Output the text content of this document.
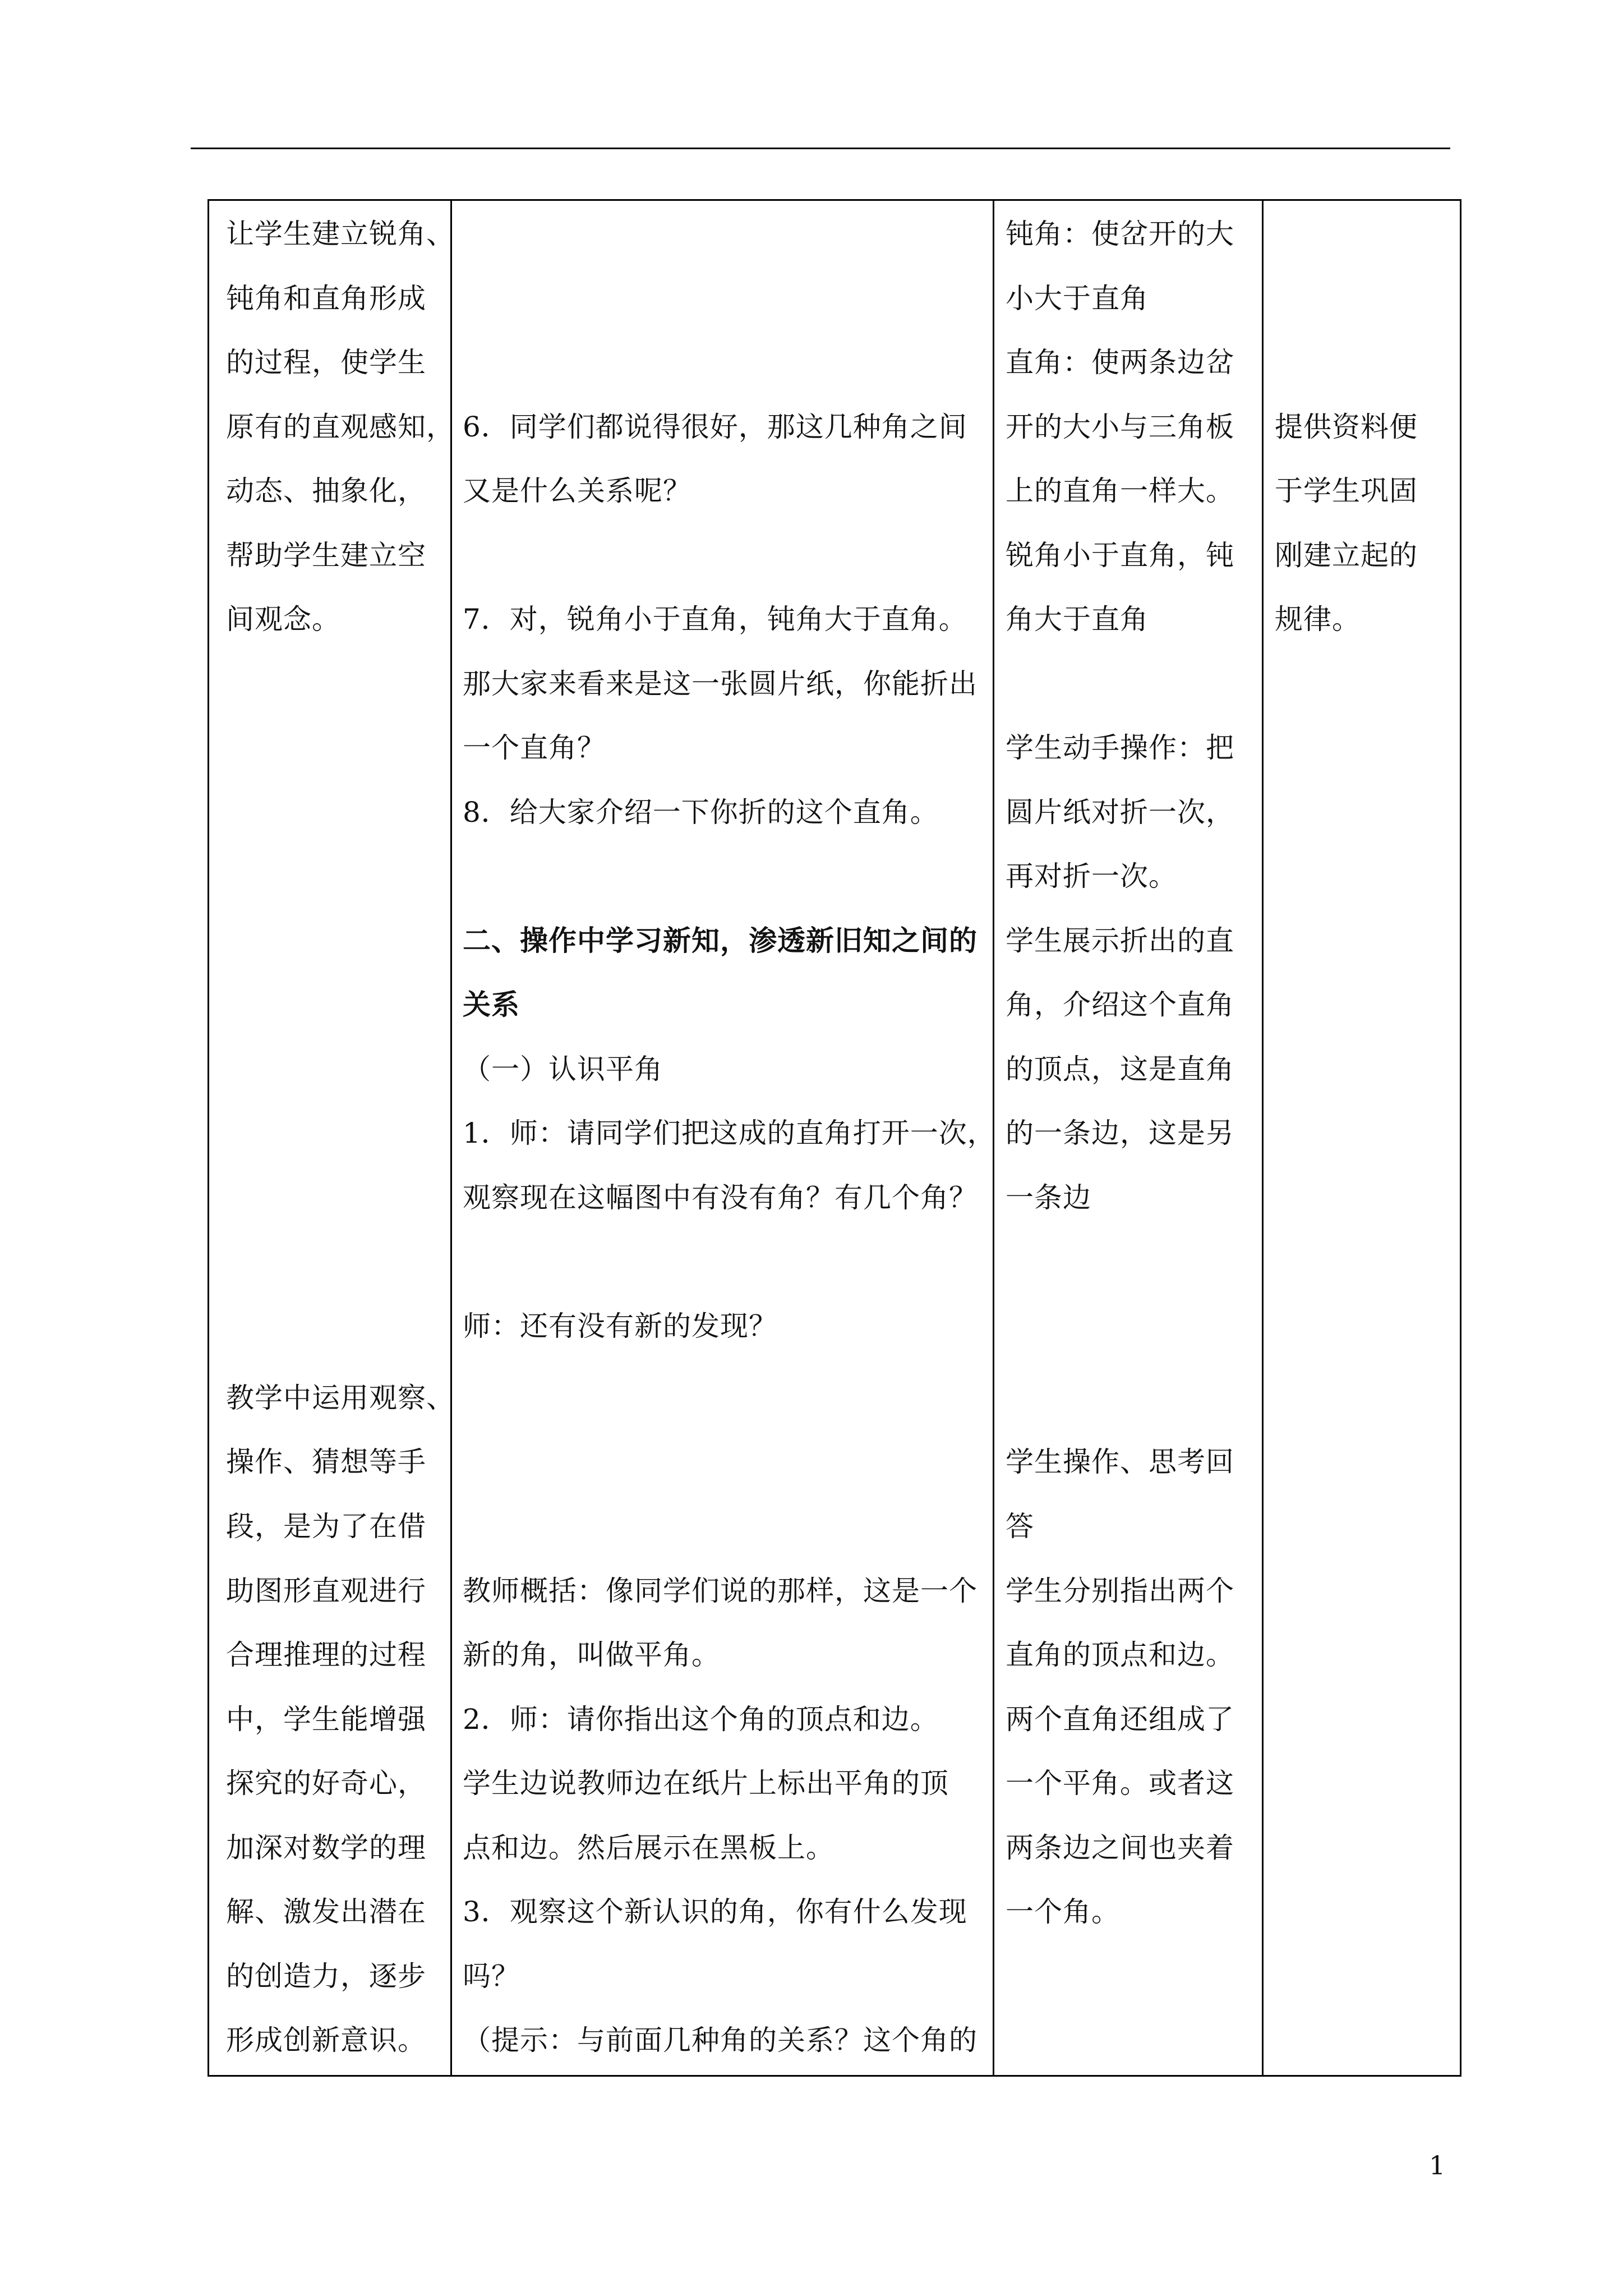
让学生建立锐角、
钝角和直角形成
的过程，使学生
原有的直观感知，
动态、抽象化，
帮助学生建立空
间观念。
教学中运用观察、
操作、猜想等手
段，是为了在借
助图形直观进行
合理推理的过程
中，学生能增强
探究的好奇心，
加深对数学的理
解、激发出潜在
的创造力，逐步
形成创新意识。
6．同学们都说得很好，那这几种角之间
又是什么关系呢？
7．对，锐角小于直角，钝角大于直角。
那大家来看来是这一张圆片纸，你能折出
一个直角？
8．给大家介绍一下你折的这个直角。
二、操作中学习新知，渗透新旧知之间的
关系
（一）认识平角
1．师：请同学们把这成的直角打开一次，
观察现在这幅图中有没有角？有几个角？
师：还有没有新的发现？
教师概括：像同学们说的那样，这是一个
新的角，叫做平角。
2．师：请你指出这个角的顶点和边。
学生边说教师边在纸片上标出平角的顶
点和边。然后展示在黑板上。
3．观察这个新认识的角，你有什么发现
吗？
（提示：与前面几种角的关系？这个角的
钝角：使岔开的大
小大于直角
直角：使两条边岔
开的大小与三角板
上的直角一样大。
锐角小于直角，钝
角大于直角
学生动手操作：把
圆片纸对折一次，
再对折一次。
学生展示折出的直
角，介绍这个直角
的顶点，这是直角
的一条边，这是另
一条边
学生操作、思考回
答
学生分别指出两个
直角的顶点和边。
两个直角还组成了
一个平角。或者这
两条边之间也夹着
一个角。
提供资料便
于学生巩固
刚建立起的
规律。
1
